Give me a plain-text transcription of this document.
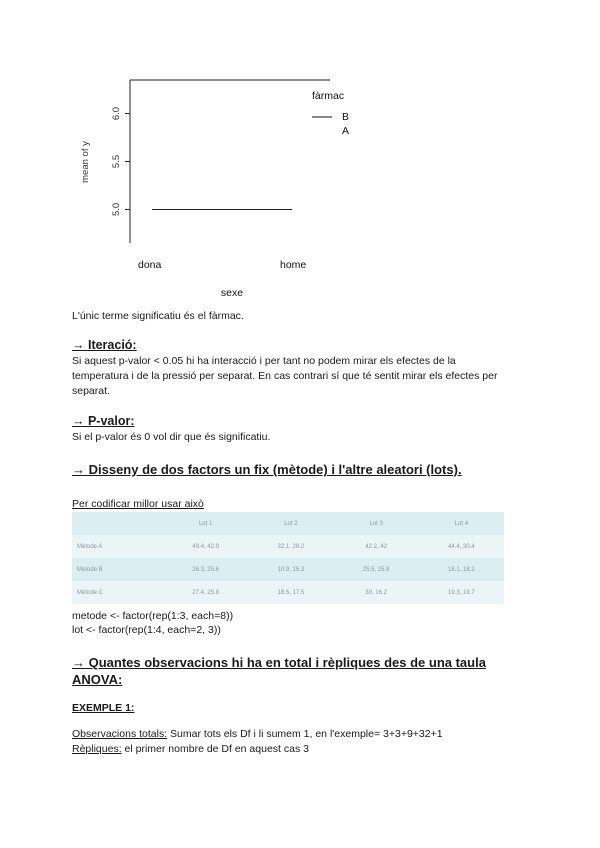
5.0
5.5
6.0
mean of y
dona	home
sexe
fàrmac
B
A
L'únic terme significatiu és el fàrmac.
→ Iteració:
Si aquest p-valor < 0.05 hi ha interacció i per tant no podem mirar els efectes de la
temperatura i de la pressió per separat. En cas contrari sí que té sentit mirar els efectes per
separat.
→ P-valor:
Si el p-valor és 0 vol dir que és significatiu.
→ Disseny de dos factors un fix (mètode) i l'altre aleatori (lots).
Per codificar millor usar això
	Lot 1	Lot 2	Lot 3	Lot 4
Mètode A	49.4, 42.9	32.1, 28.2	42.2, 42	44.4, 30.4
Mètode B	26.3, 25.6	10.9, 15.3	25.5, 25.8	18.1, 18.2
Mètode C	27.4, 25.8	18.5, 17.5	30, 16.2	19.3, 19.7
metode <- factor(rep(1:3, each=8))
lot <- factor(rep(1:4, each=2, 3))
→ Quantes observacions hi ha en total i rèpliques des de una taula
ANOVA:
EXEMPLE 1:
Observacions totals: Sumar tots els Df i li sumem 1, en l'exemple= 3+3+9+32+1
Rèpliques: el primer nombre de Df en aquest cas 3
